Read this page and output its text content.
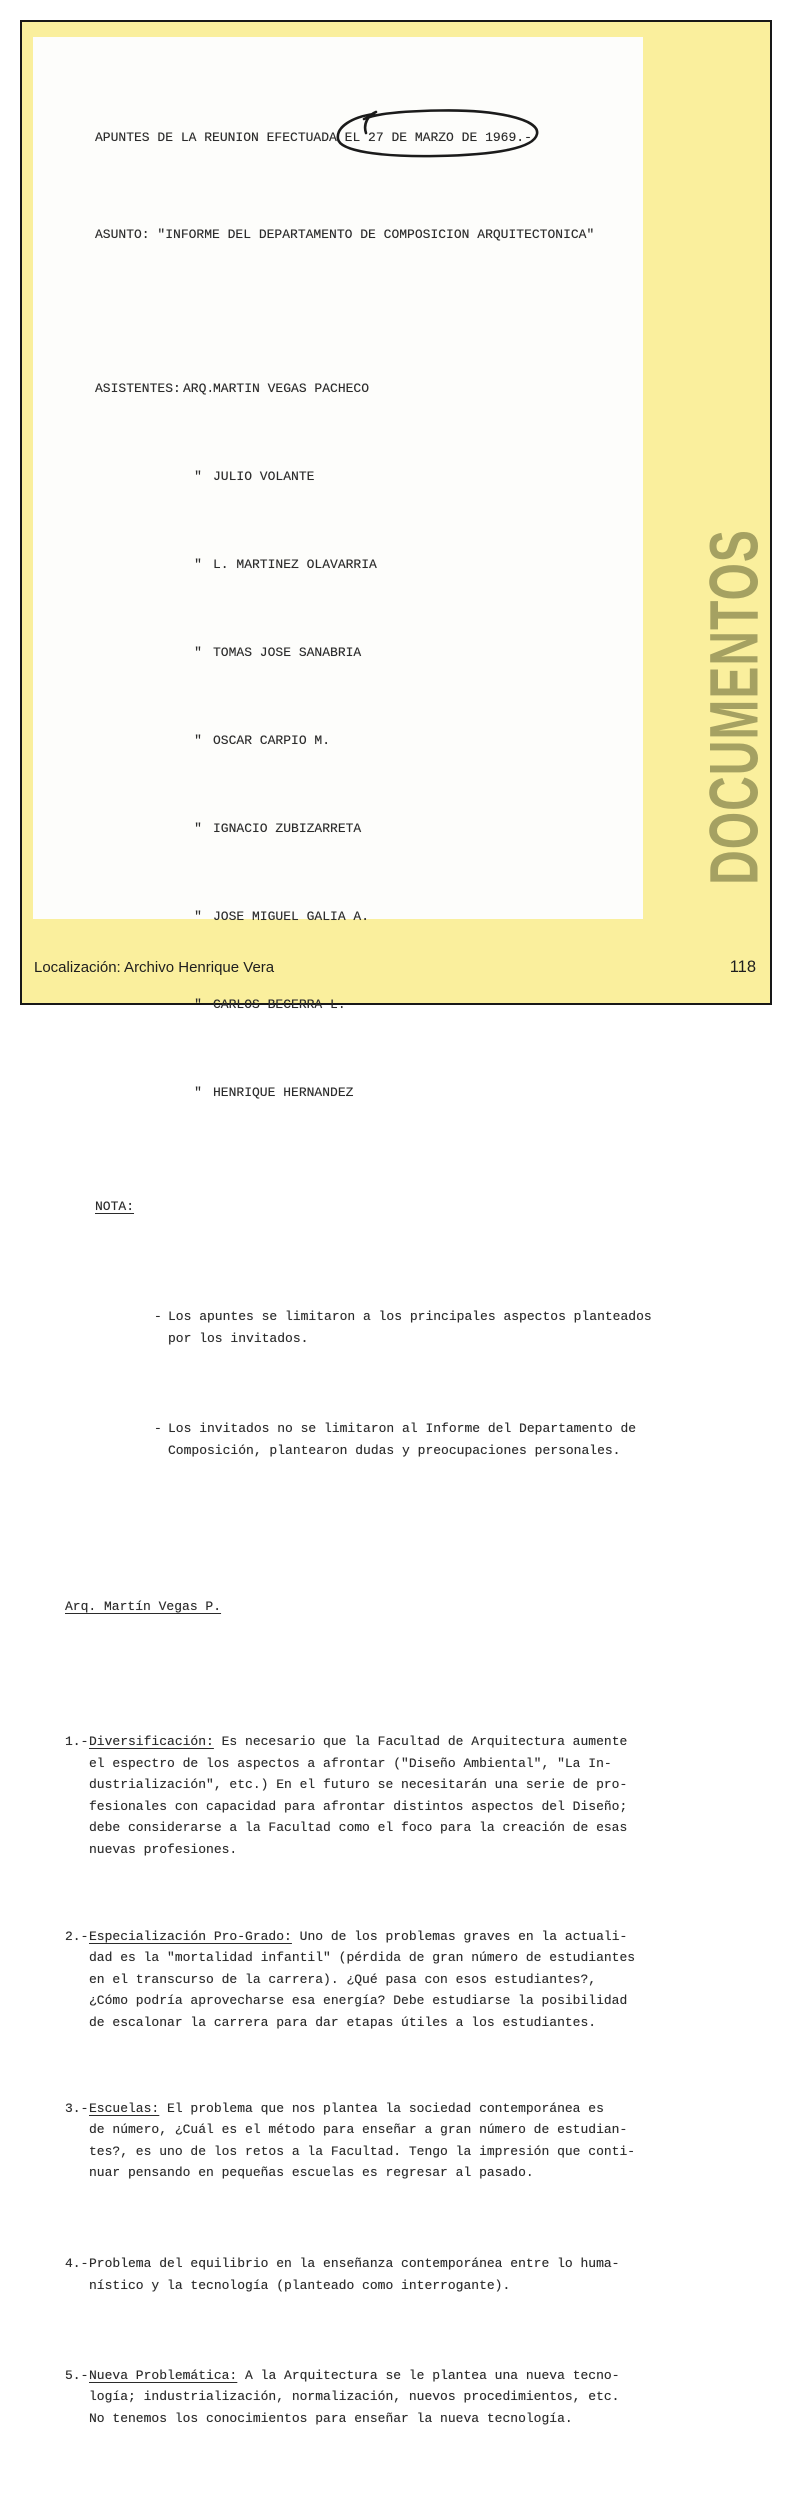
APUNTES DE LA REUNION EFECTUADA EL
27 DE MARZO DE 1969.-

ASUNTO: "INFORME DEL DEPARTAMENTO DE COMPOSICION ARQUITECTONICA"

ASISTENTES: ARQ.MARTIN VEGAS PACHECO

" JULIO VOLANTE

" L. MARTINEZ OLAVARRIA

" TOMAS JOSE SANABRIA

" OSCAR CARPIO M.

" IGNACIO ZUBIZARRETA

" JOSE MIGUEL GALIA A.

" CARLOS BECERRA L.

" HENRIQUE HERNANDEZ

NOTA:

- Los apuntes se limitaron a los principales aspectos planteados
por los invitados.

- Los invitados no se limitaron al Informe del Departamento de
Composición, plantearon dudas y preocupaciones personales.

Arq. Martín Vegas P.

1.- Diversificación: Es necesario que la Facultad de Arquitectura aumente
el espectro de los aspectos a afrontar ("Diseño Ambiental", "La In-
dustrialización", etc.) En el futuro se necesitarán una serie de pro-
fesionales con capacidad para afrontar distintos aspectos del Diseño;
debe considerarse a la Facultad como el foco para la creación de esas
nuevas profesiones.

2.- Especialización Pro-Grado: Uno de los problemas graves en la actuali-
dad es la "mortalidad infantil" (pérdida de gran número de estudiantes
en el transcurso de la carrera). ¿Qué pasa con esos estudiantes?,
¿Cómo podría aprovecharse esa energía? Debe estudiarse la posibilidad
de escalonar la carrera para dar etapas útiles a los estudiantes.

3.- Escuelas: El problema que nos plantea la sociedad contemporánea es
de número, ¿Cuál es el método para enseñar a gran número de estudian-
tes?, es uno de los retos a la Facultad. Tengo la impresión que conti-
nuar pensando en pequeñas escuelas es regresar al pasado.

4.- Problema del equilibrio en la enseñanza contemporánea entre lo huma-
nístico y la tecnología (planteado como interrogante).

5.- Nueva Problemática: A la Arquitectura se le plantea una nueva tecno-
logía; industrialización, normalización, nuevos procedimientos, etc.
No tenemos los conocimientos para enseñar la nueva tecnología.

DOCUMENTOS
Localización: Archivo Henrique Vera	118
